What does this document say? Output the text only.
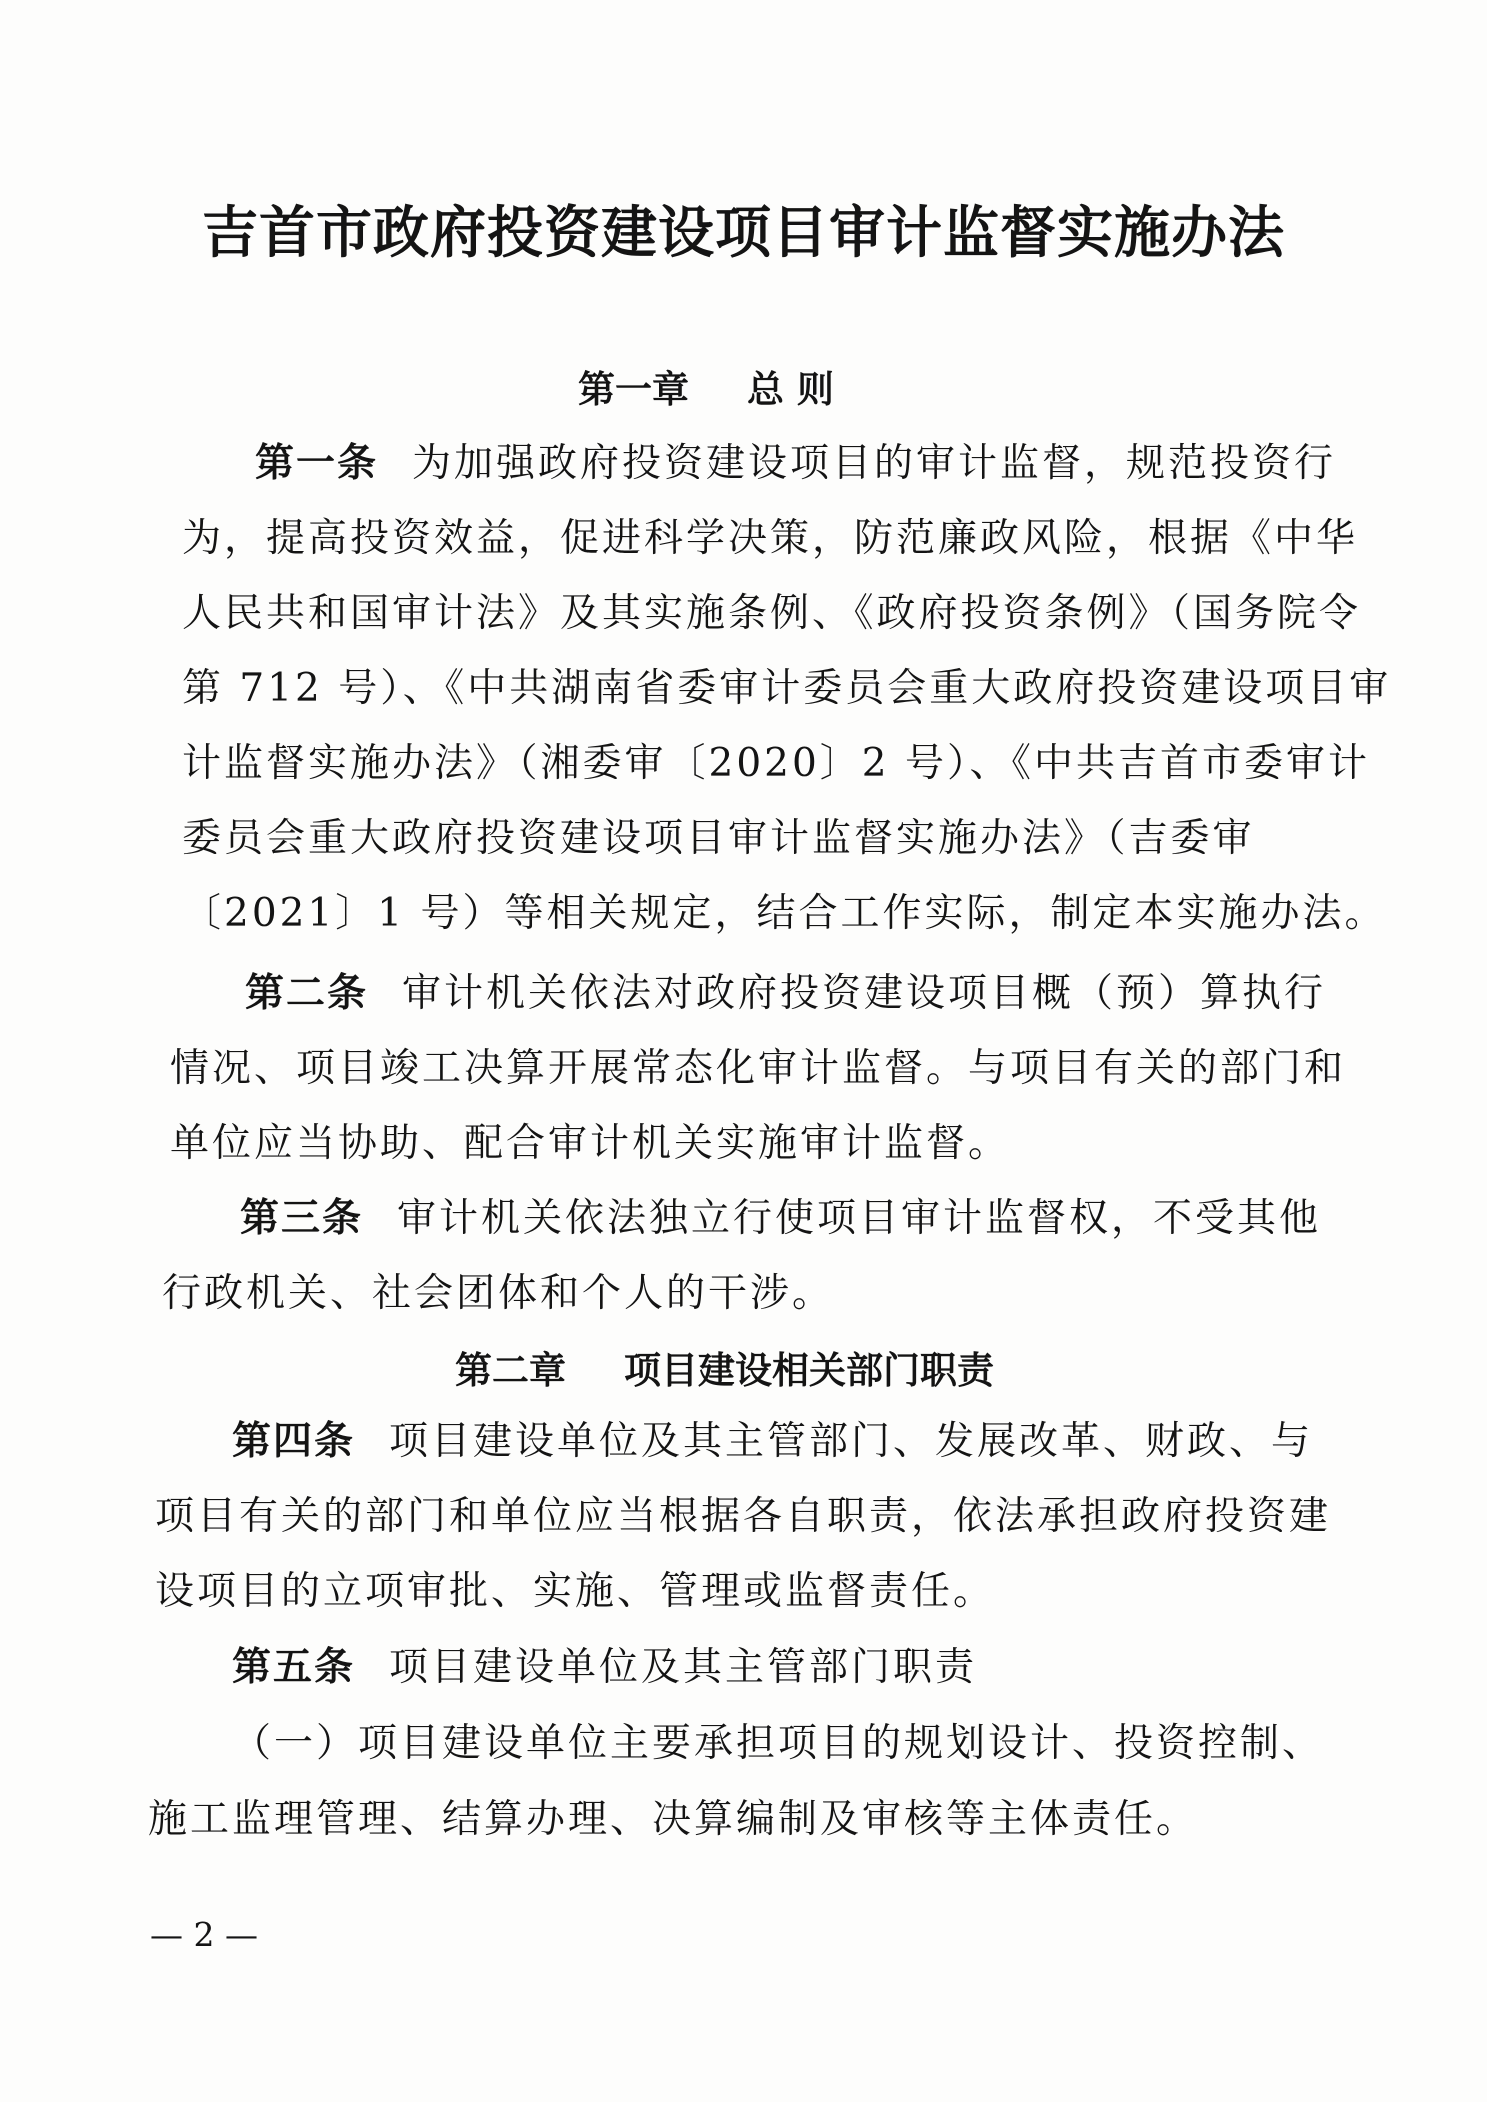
吉首市政府投资建设项目审计监督实施办法
第一章 总 则
第一条 为加强政府投资建设项目的审计监督，规范投资行
为，提高投资效益，促进科学决策，防范廉政风险，根据《中华
人民共和国审计法》及其实施条例、《政府投资条例》（国务院令
第 712 号）、《中共湖南省委审计委员会重大政府投资建设项目审
计监督实施办法》（湘委审〔2020〕2 号）、《中共吉首市委审计
委员会重大政府投资建设项目审计监督实施办法》（吉委审
〔2021〕1 号）等相关规定，结合工作实际，制定本实施办法。
第二条 审计机关依法对政府投资建设项目概（预）算执行
情况、项目竣工决算开展常态化审计监督。与项目有关的部门和
单位应当协助、配合审计机关实施审计监督。
第三条 审计机关依法独立行使项目审计监督权，不受其他
行政机关、社会团体和个人的干涉。
第二章 项目建设相关部门职责
第四条 项目建设单位及其主管部门、发展改革、财政、与
项目有关的部门和单位应当根据各自职责，依法承担政府投资建
设项目的立项审批、实施、管理或监督责任。
第五条 项目建设单位及其主管部门职责
（一）项目建设单位主要承担项目的规划设计、投资控制、
施工监理管理、结算办理、决算编制及审核等主体责任。
— 2 —
